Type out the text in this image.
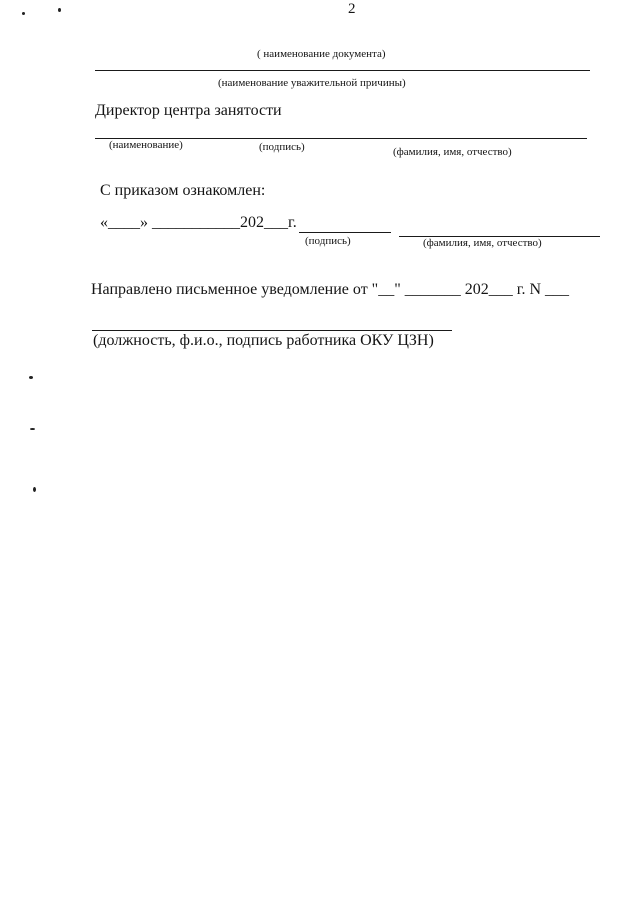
2
( наименование документа)
(наименование уважительной причины)
Директор центра занятости
(наименование)	(подпись)	(фамилия, имя, отчество)
С приказом ознакомлен:
«____» ___________202___г.
(подпись)	(фамилия, имя, отчество)
Направлено письменное уведомление от "__" _______ 202___ г. N ___
(должность, ф.и.о., подпись работника ОКУ ЦЗН)
